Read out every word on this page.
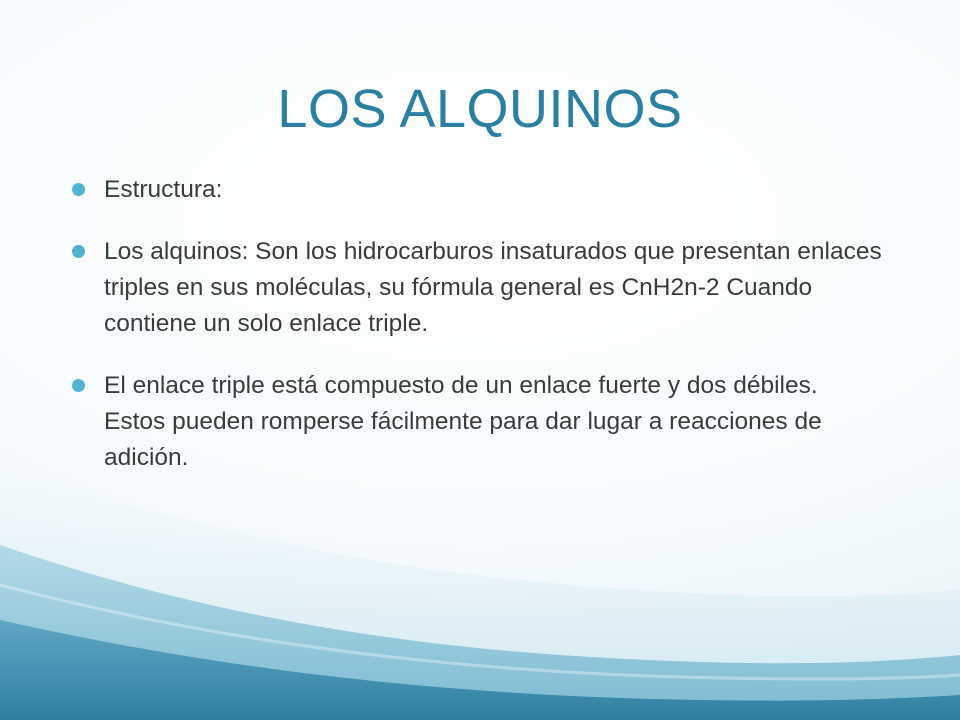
LOS ALQUINOS
Estructura:
Los alquinos: Son los hidrocarburos insaturados que presentan enlaces triples en sus moléculas, su fórmula general es CnH2n-2 Cuando contiene un solo enlace triple.
El enlace triple está compuesto de un enlace fuerte y dos débiles. Estos pueden romperse fácilmente para dar lugar a reacciones de adición.
